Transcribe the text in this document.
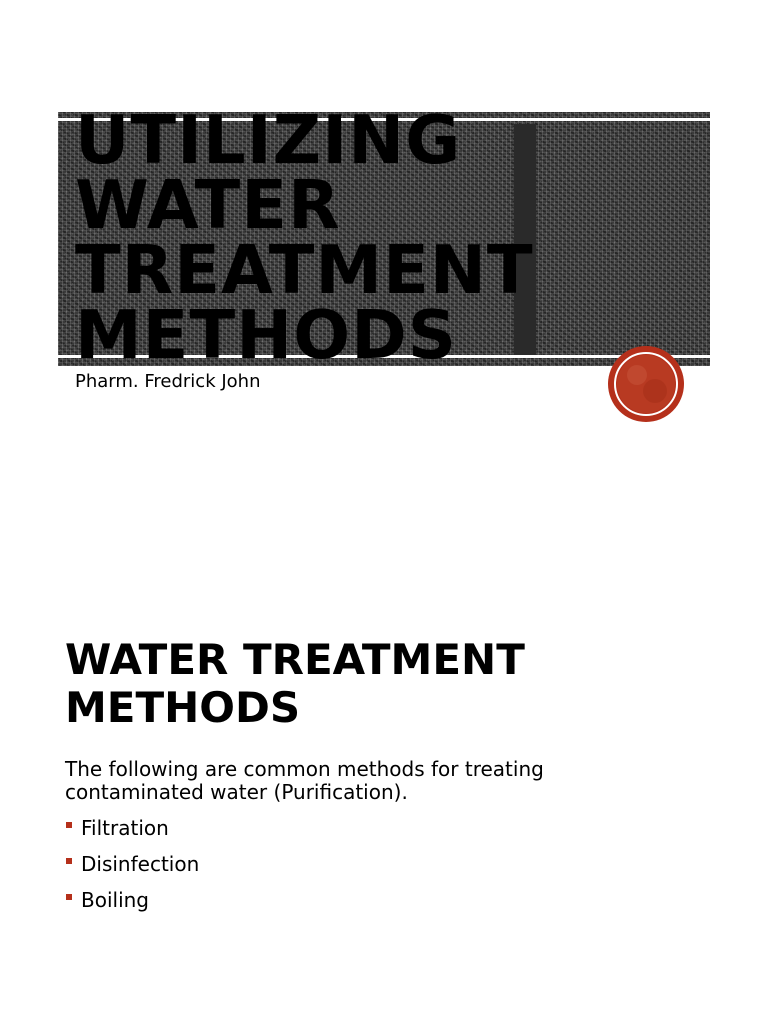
UTILIZING
WATER
TREATMENT
METHODS
Pharm. Fredrick John
WATER TREATMENT
METHODS

The following are common methods for treating contaminated water (Purification).

Filtration
Disinfection
Boiling
